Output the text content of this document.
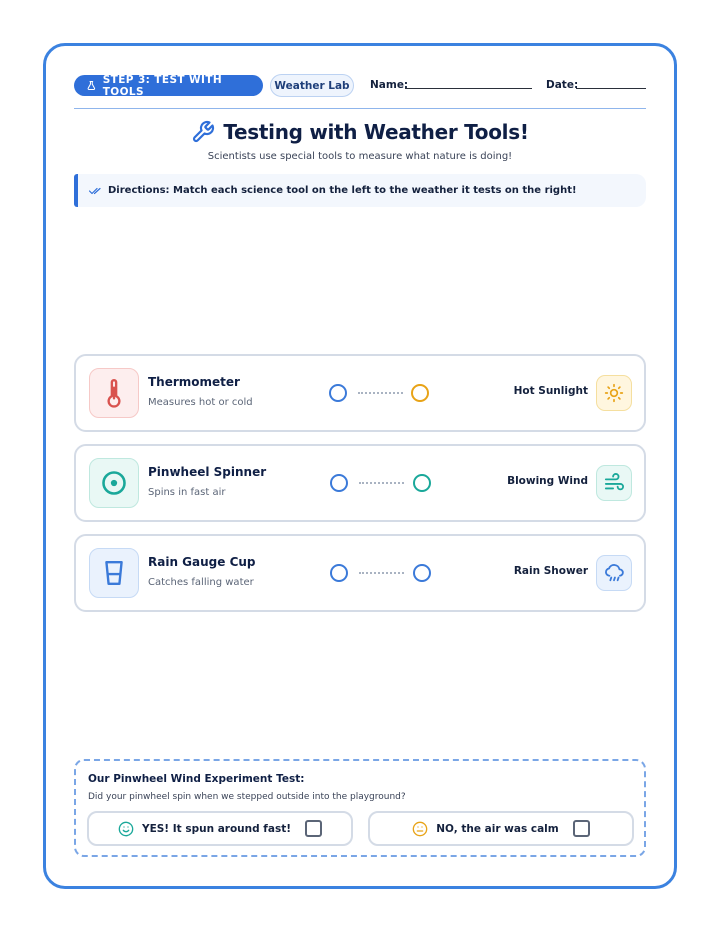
STEP 3: TEST WITH TOOLS	Weather Lab	Name:	Date:
Testing with Weather Tools!
Scientists use special tools to measure what nature is doing!
Directions: Match each science tool on the left to the weather it tests on the right!
Thermometer
Measures hot or cold
Hot Sunlight
Pinwheel Spinner
Spins in fast air
Blowing Wind
Rain Gauge Cup
Catches falling water
Rain Shower
Our Pinwheel Wind Experiment Test:
Did your pinwheel spin when we stepped outside into the playground?
YES! It spun around fast!	NO, the air was calm
